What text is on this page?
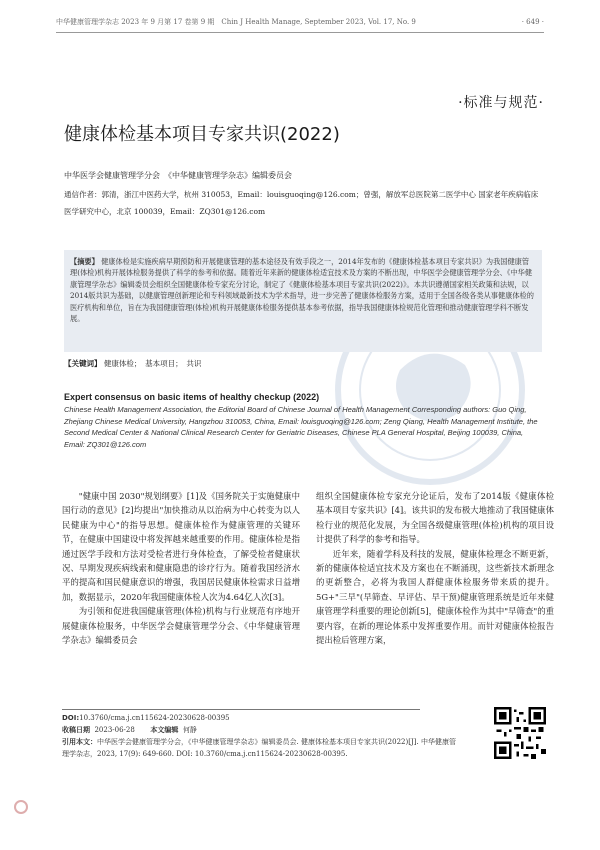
中华健康管理学杂志 2023 年 9 月第 17 卷第 9 期　Chin J Health Manage, September 2023, Vol. 17, No. 9	· 649 ·
·标准与规范·
健康体检基本项目专家共识(2022)
中华医学会健康管理学分会　《中华健康管理学杂志》编辑委员会
通信作者：郭清，浙江中医药大学，杭州 310053，Email：louisguoqing@126.com；曾强，解放军总医院第二医学中心 国家老年疾病临床医学研究中心，北京 100039，Email：ZQ301@126.com
【摘要】 健康体检是实施疾病早期预防和开展健康管理的基本途径及有效手段之一，2014年发布的《健康体检基本项目专家共识》为我国健康管理(体检)机构开展体检服务提供了科学的参考和依据。随着近年来新的健康体检适宜技术及方案的不断出现，中华医学会健康管理学分会、《中华健康管理学杂志》编辑委员会组织全国健康体检专家充分讨论，制定了《健康体检基本项目专家共识(2022)》。本共识遵循国家相关政策和法规，以2014版共识为基础，以健康管理创新理论和专科领域最新技术为学术指导，进一步完善了健康体检服务方案，适用于全国各级各类从事健康体检的医疗机构和单位，旨在为我国健康管理(体检)机构开展健康体检服务提供基本参考依据，指导我国健康体检规范化管理和推动健康管理学科不断发展。
【关键词】 健康体检；　基本项目；　共识
Expert consensus on basic items of healthy checkup (2022)
Chinese Health Management Association, the Editorial Board of Chinese Journal of Health Management Corresponding authors: Guo Qing, Zhejiang Chinese Medical University, Hangzhou 310053, China, Email: louisguoqing@126.com; Zeng Qiang, Health Management Institute, the Second Medical Center & National Clinical Research Center for Geriatric Diseases, Chinese PLA General Hospital, Beijing 100039, China, Email: ZQ301@126.com

"健康中国 2030"规划纲要》[1]及《国务院关于实施健康中国行动的意见》[2]均提出"加快推动从以治病为中心转变为以人民健康为中心"的指导思想。健康体检作为健康管理的关键环节，在健康中国建设中将发挥越来越重要的作用。健康体检是指通过医学手段和方法对受检者进行身体检查，了解受检者健康状况、早期发现疾病线索和健康隐患的诊疗行为。随着我国经济水平的提高和国民健康意识的增强，我国居民健康体检需求日益增加，数据显示，2020年我国健康体检人次为4.64亿人次[3]。

为引领和促进我国健康管理(体检)机构与行业规范有序地开展健康体检服务，中华医学会健康管理学分会、《中华健康管理学杂志》编辑委员会

组织全国健康体检专家充分论证后，发布了2014版《健康体检基本项目专家共识》[4]。该共识的发布极大地推动了我国健康体检行业的规范化发展，为全国各级健康管理(体检)机构的项目设计提供了科学的参考和指导。

近年来，随着学科及科技的发展，健康体检理念不断更新，新的健康体检适宜技术及方案也在不断涌现，这些新技术新理念的更新整合，必将为我国人群健康体检服务带来质的提升。5G+"三早"(早筛查、早评估、早干预)健康管理系统是近年来健康管理学科重要的理论创新[5]，健康体检作为其中"早筛查"的重要内容，在新的理论体系中发挥重要作用。而针对健康体检报告提出检后管理方案，

DOI:10.3760/cma.j.cn115624-20230628-00395
收稿日期 2023-06-28 本文编辑 何静
引用本文：中华医学会健康管理学分会，《中华健康管理学杂志》编辑委员会. 健康体检基本项目专家共识(2022)[J]. 中华健康管理学杂志，2023, 17(9): 649-660. DOI: 10.3760/cma.j.cn115624-20230628-00395.
